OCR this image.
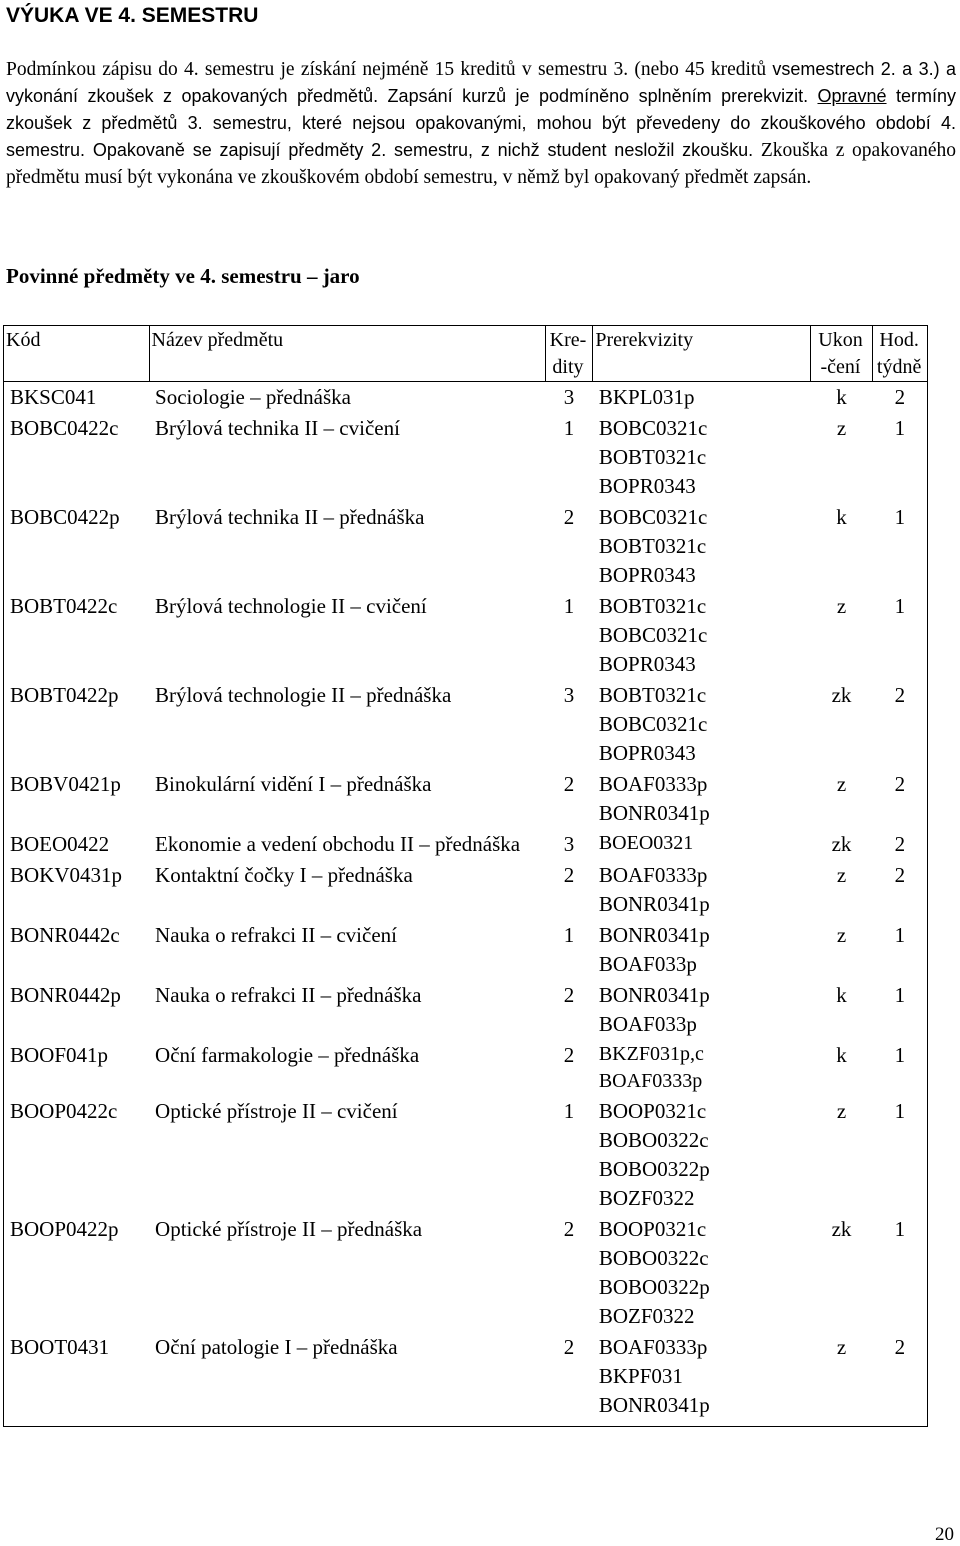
VÝUKA VE 4. SEMESTRU
Podmínkou zápisu do 4. semestru je získání nejméně 15 kreditů v semestru 3. (nebo 45 kreditů vsemestrech 2. a 3.) a vykonání zkoušek z opakovaných předmětů. Zapsání kurzů je podmíněno splněním prerekvizit. Opravné termíny zkoušek z předmětů 3. semestru, které nejsou opakovanými, mohou být převedeny do zkouškového období 4. semestru. Opakovaně se zapisují předměty 2. semestru, z nichž student nesložil zkoušku. Zkouška z opakovaného předmětu musí být vykonána ve zkouškovém období semestru, v němž byl opakovaný předmět zapsán.
Povinné předměty ve 4. semestru – jaro
Kód	Název předmětu	Kre-
dity	Prerekvizity	Ukon
-čení	Hod.
týdně
BKSC041	Sociologie – přednáška	3	BKPL031p	k	2
BOBC0422c	Brýlová technika II – cvičení	1	BOBC0321c
BOBT0321c
BOPR0343	z	1
BOBC0422p	Brýlová technika II – přednáška	2	BOBC0321c
BOBT0321c
BOPR0343	k	1
BOBT0422c	Brýlová technologie II – cvičení	1	BOBT0321c
BOBC0321c
BOPR0343	z	1
BOBT0422p	Brýlová technologie II – přednáška	3	BOBT0321c
BOBC0321c
BOPR0343	zk	2
BOBV0421p	Binokulární vidění I – přednáška	2	BOAF0333p
BONR0341p	z	2
BOEO0422	Ekonomie a vedení obchodu II – přednáška	3	BOEO0321	zk	2
BOKV0431p	Kontaktní čočky I – přednáška	2	BOAF0333p
BONR0341p	z	2
BONR0442c	Nauka o refrakci II – cvičení	1	BONR0341p
BOAF033p	z	1
BONR0442p	Nauka o refrakci II – přednáška	2	BONR0341p
BOAF033p	k	1
BOOF041p	Oční farmakologie – přednáška	2	BKZF031p,c
BOAF0333p	k	1
BOOP0422c	Optické přístroje II – cvičení	1	BOOP0321c
BOBO0322c
BOBO0322p
BOZF0322	z	1
BOOP0422p	Optické přístroje II – přednáška	2	BOOP0321c
BOBO0322c
BOBO0322p
BOZF0322	zk	1
BOOT0431	Oční patologie I – přednáška	2	BOAF0333p
BKPF031
BONR0341p	z	2
20
